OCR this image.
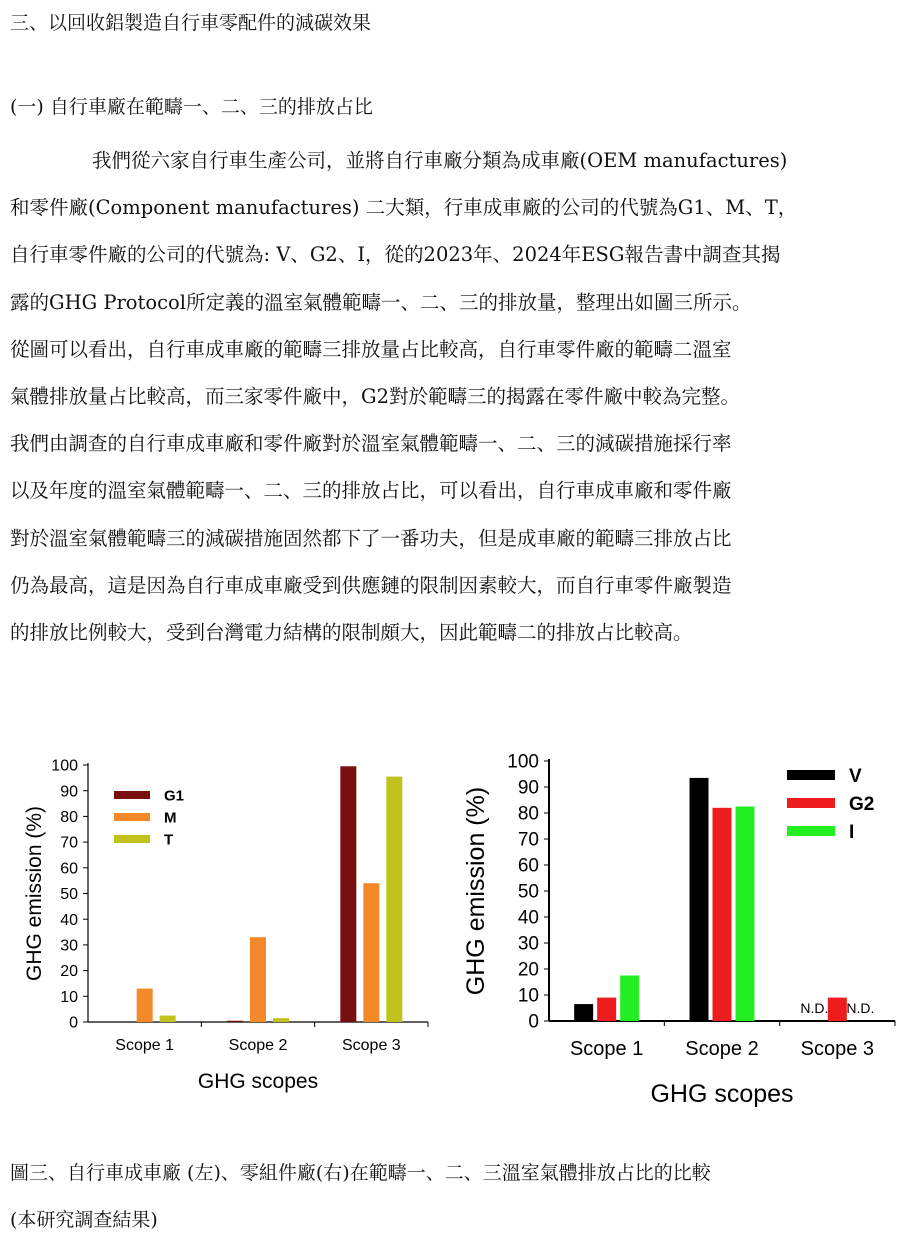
三、以回收鋁製造自行車零配件的減碳效果
(一) 自行車廠在範疇一、二、三的排放占比
我們從六家自行車生產公司，並將自行車廠分類為成車廠(OEM manufactures)
和零件廠(Component manufactures) 二大類，行車成車廠的公司的代號為G1、M、T，
自行車零件廠的公司的代號為: V、G2、I，從的2023年、2024年ESG報告書中調查其揭
露的GHG Protocol所定義的溫室氣體範疇一、二、三的排放量，整理出如圖三所示。
從圖可以看出，自行車成車廠的範疇三排放量占比較高，自行車零件廠的範疇二溫室
氣體排放量占比較高，而三家零件廠中，G2對於範疇三的揭露在零件廠中較為完整。
我們由調查的自行車成車廠和零件廠對於溫室氣體範疇一、二、三的減碳措施採行率
以及年度的溫室氣體範疇一、二、三的排放占比，可以看出，自行車成車廠和零件廠
對於溫室氣體範疇三的減碳措施固然都下了一番功夫，但是成車廠的範疇三排放占比
仍為最高，這是因為自行車成車廠受到供應鏈的限制因素較大，而自行車零件廠製造
的排放比例較大，受到台灣電力結構的限制頗大，因此範疇二的排放占比較高。
0
10
20
30
40
50
60
70
80
90
100
Scope 1	Scope 2	Scope 3
GHG scopes
GHG emission (%)
G1
M
T
0
10
20
30
40
50
60
70
80
90
100
Scope 1 Scope 2 Scope 3
N.D. N.D.
GHG scopes
GHG emission (%)
V
G2
I
圖三、自行車成車廠 (左)、零組件廠(右)在範疇一、二、三溫室氣體排放占比的比較
(本研究調查結果)
